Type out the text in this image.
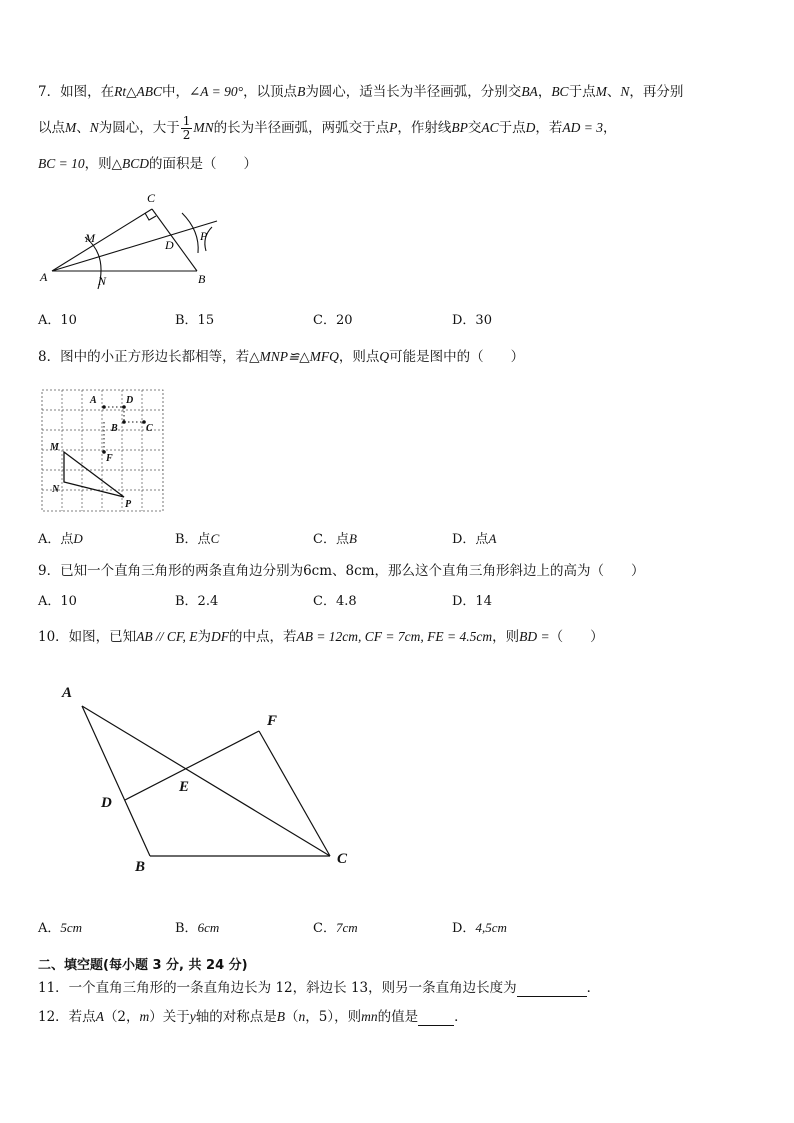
7．如图，在Rt△ABC中，∠A = 90°，以顶点B为圆心，适当长为半径画弧，分别交BA，BC于点M、N，再分别
以点M、N为圆心，大于 $\frac{1}{2}$ MN的长为半径画弧，两弧交于点P，作射线BP交AC于点D，若AD = 3，
BC = 10，则△BCD的面积是（　　）
C
M	D
P
A	N	B
A．10	B．15	C．20	D．30
8．图中的小正方形边长都相等，若△MNP≌△MFQ，则点Q可能是图中的（　　）
A	D
B	C
M
F
N
P
A．点D	B．点C	C．点B	D．点A
9．已知一个直角三角形的两条直角边分别为6cm、8cm，那么这个直角三角形斜边上的高为（　　）
A．10	B．2.4	C．4.8	D．14
10．如图，已知AB // CF, E为DF的中点，若AB = 12cm, CF = 7cm, FE = 4.5cm，则BD =（　　）
A
F
E
D
B	C
A．5cm	B．6cm	C．7cm	D．4,5cm
二、填空题(每小题 3 分, 共 24 分)
11．一个直角三角形的一条直角边长为 12，斜边长 13，则另一条直角边长度为	．
12．若点A（2，m）关于y轴的对称点是B（n，5），则mn的值是	．
